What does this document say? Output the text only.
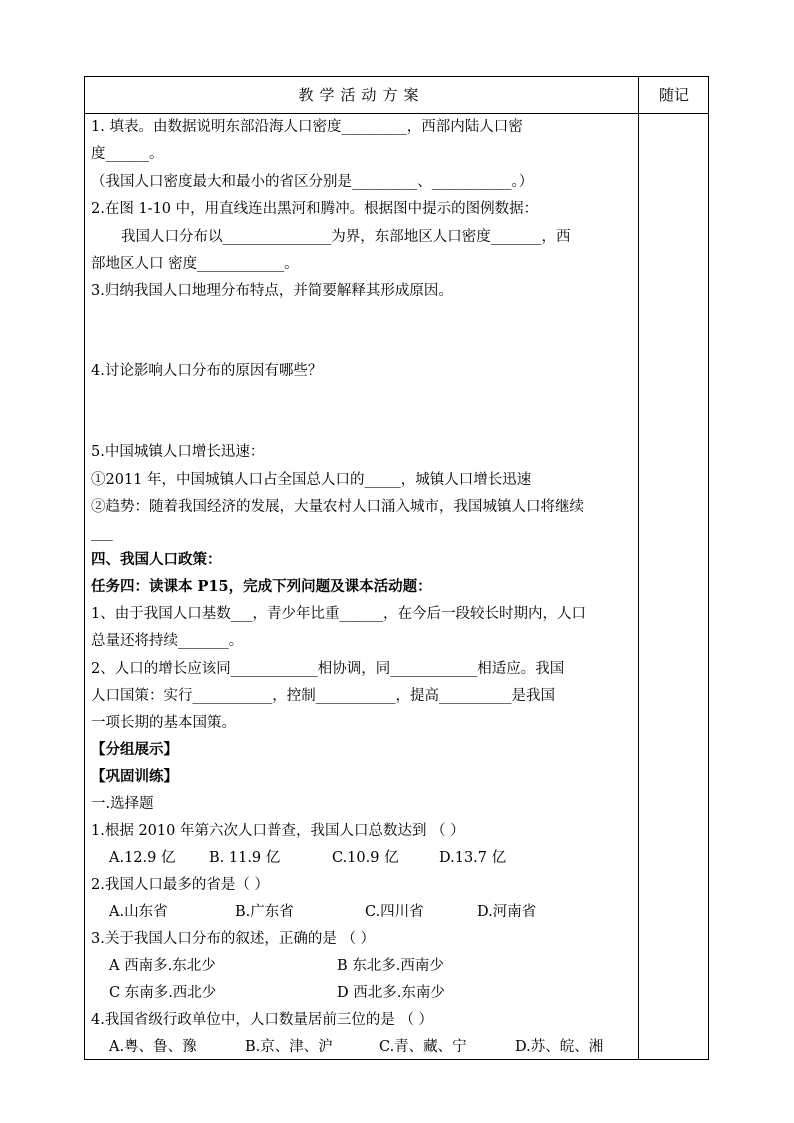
教学活动方案	随记
1. 填表。由数据说明东部沿海人口密度_________，西部内陆人口密
度______。
（我国人口密度最大和最小的省区分别是_________、___________。）
2.在图 1-10 中，用直线连出黑河和腾冲。根据图中提示的图例数据：
我国人口分布以_______________为界，东部地区人口密度_______，西
部地区人口 密度____________。
3.归纳我国人口地理分布特点，并简要解释其形成原因。
4.讨论影响人口分布的原因有哪些？
5.中国城镇人口增长迅速：
①2011 年，中国城镇人口占全国总人口的_____，城镇人口增长迅速
②趋势：随着我国经济的发展，大量农村人口涌入城市，我国城镇人口将继续
___
四、我国人口政策：
任务四：读课本 P15，完成下列问题及课本活动题：
1、由于我国人口基数___，青少年比重______，在今后一段较长时期内，人口
总量还将持续_______。
2、人口的增长应该同____________相协调，同____________相适应。我国
人口国策：实行___________，控制___________，提高__________是我国
一项长期的基本国策。
【分组展示】
【巩固训练】
一.选择题
1.根据 2010 年第六次人口普查，我国人口总数达到 （ ）
A.12.9 亿 B. 11.9 亿	C.10.9 亿	D.13.7 亿
2.我国人口最多的省是（ ）
A.山东省	B.广东省	C.四川省	D.河南省
3.关于我国人口分布的叙述，正确的是 （ ）
A 西南多.东北少	B 东北多.西南少
C 东南多.西北少	D 西北多.东南少
4.我国省级行政单位中，人口数量居前三位的是 （ ）
A.粤、鲁、豫	B.京、津、沪	C.青、藏、宁	D.苏、皖、湘
